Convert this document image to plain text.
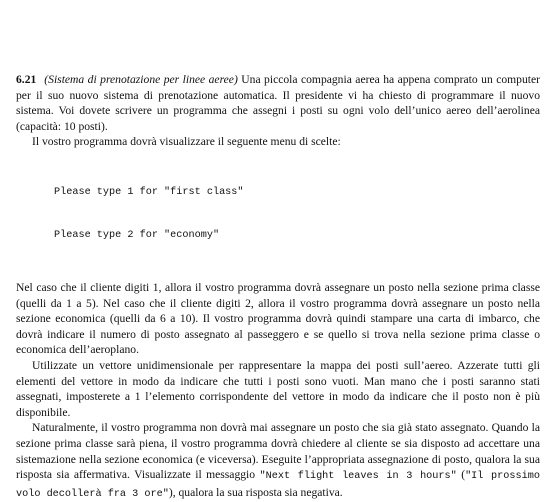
6.21 (Sistema di prenotazione per linee aeree) Una piccola compagnia aerea ha appena comprato un computer per il suo nuovo sistema di prenotazione automatica. Il presidente vi ha chiesto di programmare il nuovo sistema. Voi dovete scrivere un programma che assegni i posti su ogni volo dell’unico aereo dell’aerolinea (capacità: 10 posti).

Il vostro programma dovrà visualizzare il seguente menu di scelte:

Please type 1 for "first class"

Please type 2 for "economy"

Nel caso che il cliente digiti 1, allora il vostro programma dovrà assegnare un posto nella sezione prima classe (quelli da 1 a 5). Nel caso che il cliente digiti 2, allora il vostro programma dovrà assegnare un posto nella sezione economica (quelli da 6 a 10). Il vostro programma dovrà quindi stampare una carta di imbarco, che dovrà indicare il numero di posto assegnato al passeggero e se quello si trova nella sezione prima classe o economica dell’aeroplano.

Utilizzate un vettore unidimensionale per rappresentare la mappa dei posti sull’aereo. Azzerate tutti gli elementi del vettore in modo da indicare che tutti i posti sono vuoti. Man mano che i posti saranno stati assegnati, imposterete a 1 l’elemento corrispondente del vettore in modo da indicare che il posto non è più disponibile.

Naturalmente, il vostro programma non dovrà mai assegnare un posto che sia già stato assegnato. Quando la sezione prima classe sarà piena, il vostro programma dovrà chiedere al cliente se sia disposto ad accettare una sistemazione nella sezione economica (e viceversa). Eseguite l’appropriata assegnazione di posto, qualora la sua risposta sia affermativa. Visualizzate il messaggio "Next flight leaves in 3 hours" ("Il prossimo volo decollerà fra 3 ore"), qualora la sua risposta sia negativa.
